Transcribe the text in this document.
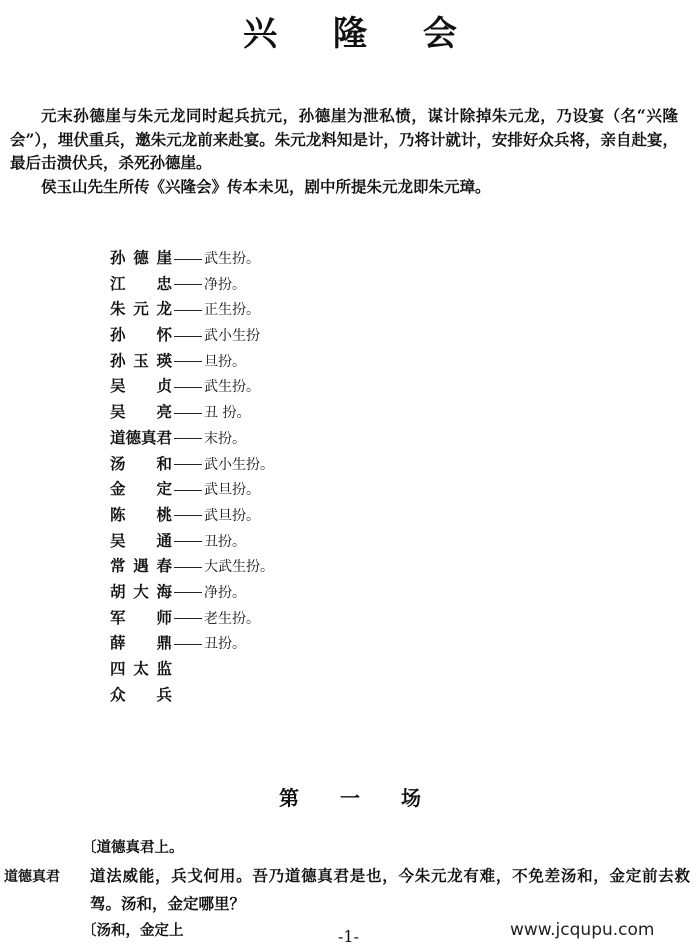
兴 隆 会

元末孙德崖与朱元龙同时起兵抗元，孙德崖为泄私愤，谋计除掉朱元龙，乃设宴（名“兴隆会”），埋伏重兵，邀朱元龙前来赴宴。朱元龙料知是计，乃将计就计，安排好众兵将，亲自赴宴，最后击溃伏兵，杀死孙德崖。

侯玉山先生所传《兴隆会》传本未见，剧中所提朱元龙即朱元璋。

孙德崖 武生扮。
江忠 净扮。
朱元龙 正生扮。
孙怀 武小生扮
孙玉瑛 旦扮。
吴贞 武生扮。
吴亮 丑 扮。
道德真君 末扮。
汤和 武小生扮。
金定 武旦扮。
陈桃 武旦扮。
吴通 丑扮。
常遇春 大武生扮。
胡大海 净扮。
军师 老生扮。
薛鼎 丑扮。
四太监
众兵
第 一 场
〔道德真君上。
道德真君 道法威能，兵戈何用。吾乃道德真君是也，今朱元龙有难，不免差汤和，金定前去救驾。汤和，金定哪里？

〔汤和，金定上	-1-	www.jcqupu.com
